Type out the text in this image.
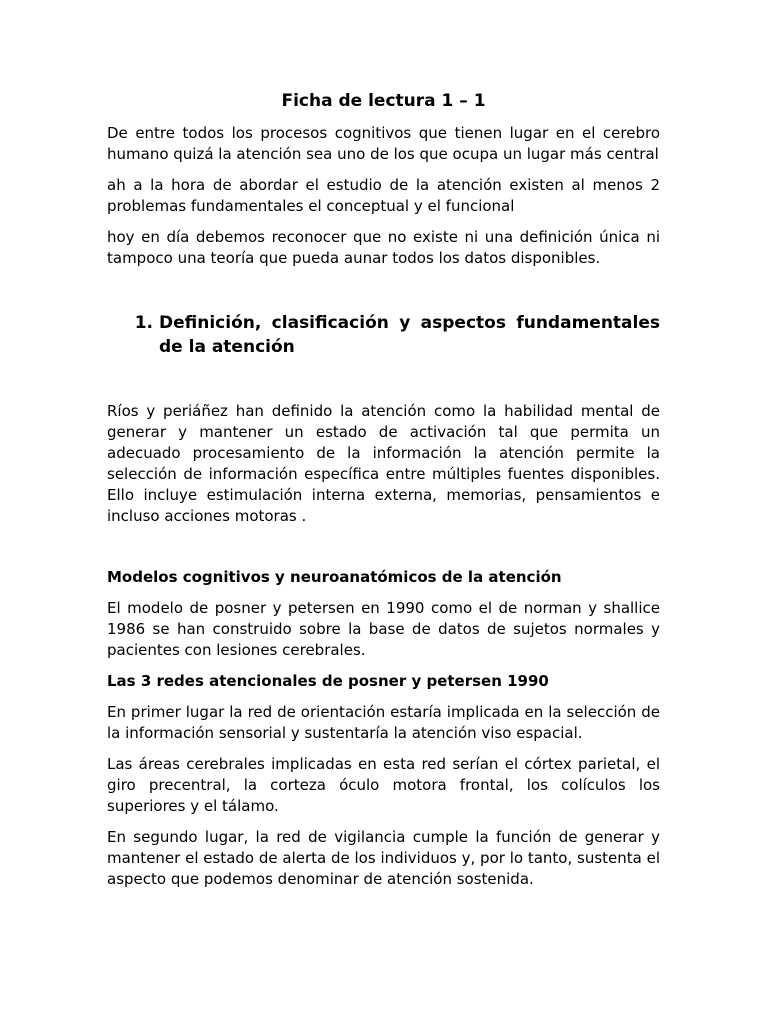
Ficha de lectura 1 – 1

De entre todos los procesos cognitivos que tienen lugar en el cerebro humano quizá la atención sea uno de los que ocupa un lugar más central

ah a la hora de abordar el estudio de la atención existen al menos 2 problemas fundamentales el conceptual y el funcional

hoy en día debemos reconocer que no existe ni una definición única ni tampoco una teoría que pueda aunar todos los datos disponibles.

1. Definición, clasificación y aspectos fundamentales de la atención

Ríos y periáñez han definido la atención como la habilidad mental de generar y mantener un estado de activación tal que permita un adecuado procesamiento de la información la atención permite la selección de información específica entre múltiples fuentes disponibles. Ello incluye estimulación interna externa, memorias, pensamientos e incluso acciones motoras .

Modelos cognitivos y neuroanatómicos de la atención

El modelo de posner y petersen en 1990 como el de norman y shallice 1986 se han construido sobre la base de datos de sujetos normales y pacientes con lesiones cerebrales.

Las 3 redes atencionales de posner y petersen 1990

En primer lugar la red de orientación estaría implicada en la selección de la información sensorial y sustentaría la atención viso espacial.

Las áreas cerebrales implicadas en esta red serían el córtex parietal, el giro precentral, la corteza óculo motora frontal, los colículos los superiores y el tálamo.

En segundo lugar, la red de vigilancia cumple la función de generar y mantener el estado de alerta de los individuos y, por lo tanto, sustenta el aspecto que podemos denominar de atención sostenida.
